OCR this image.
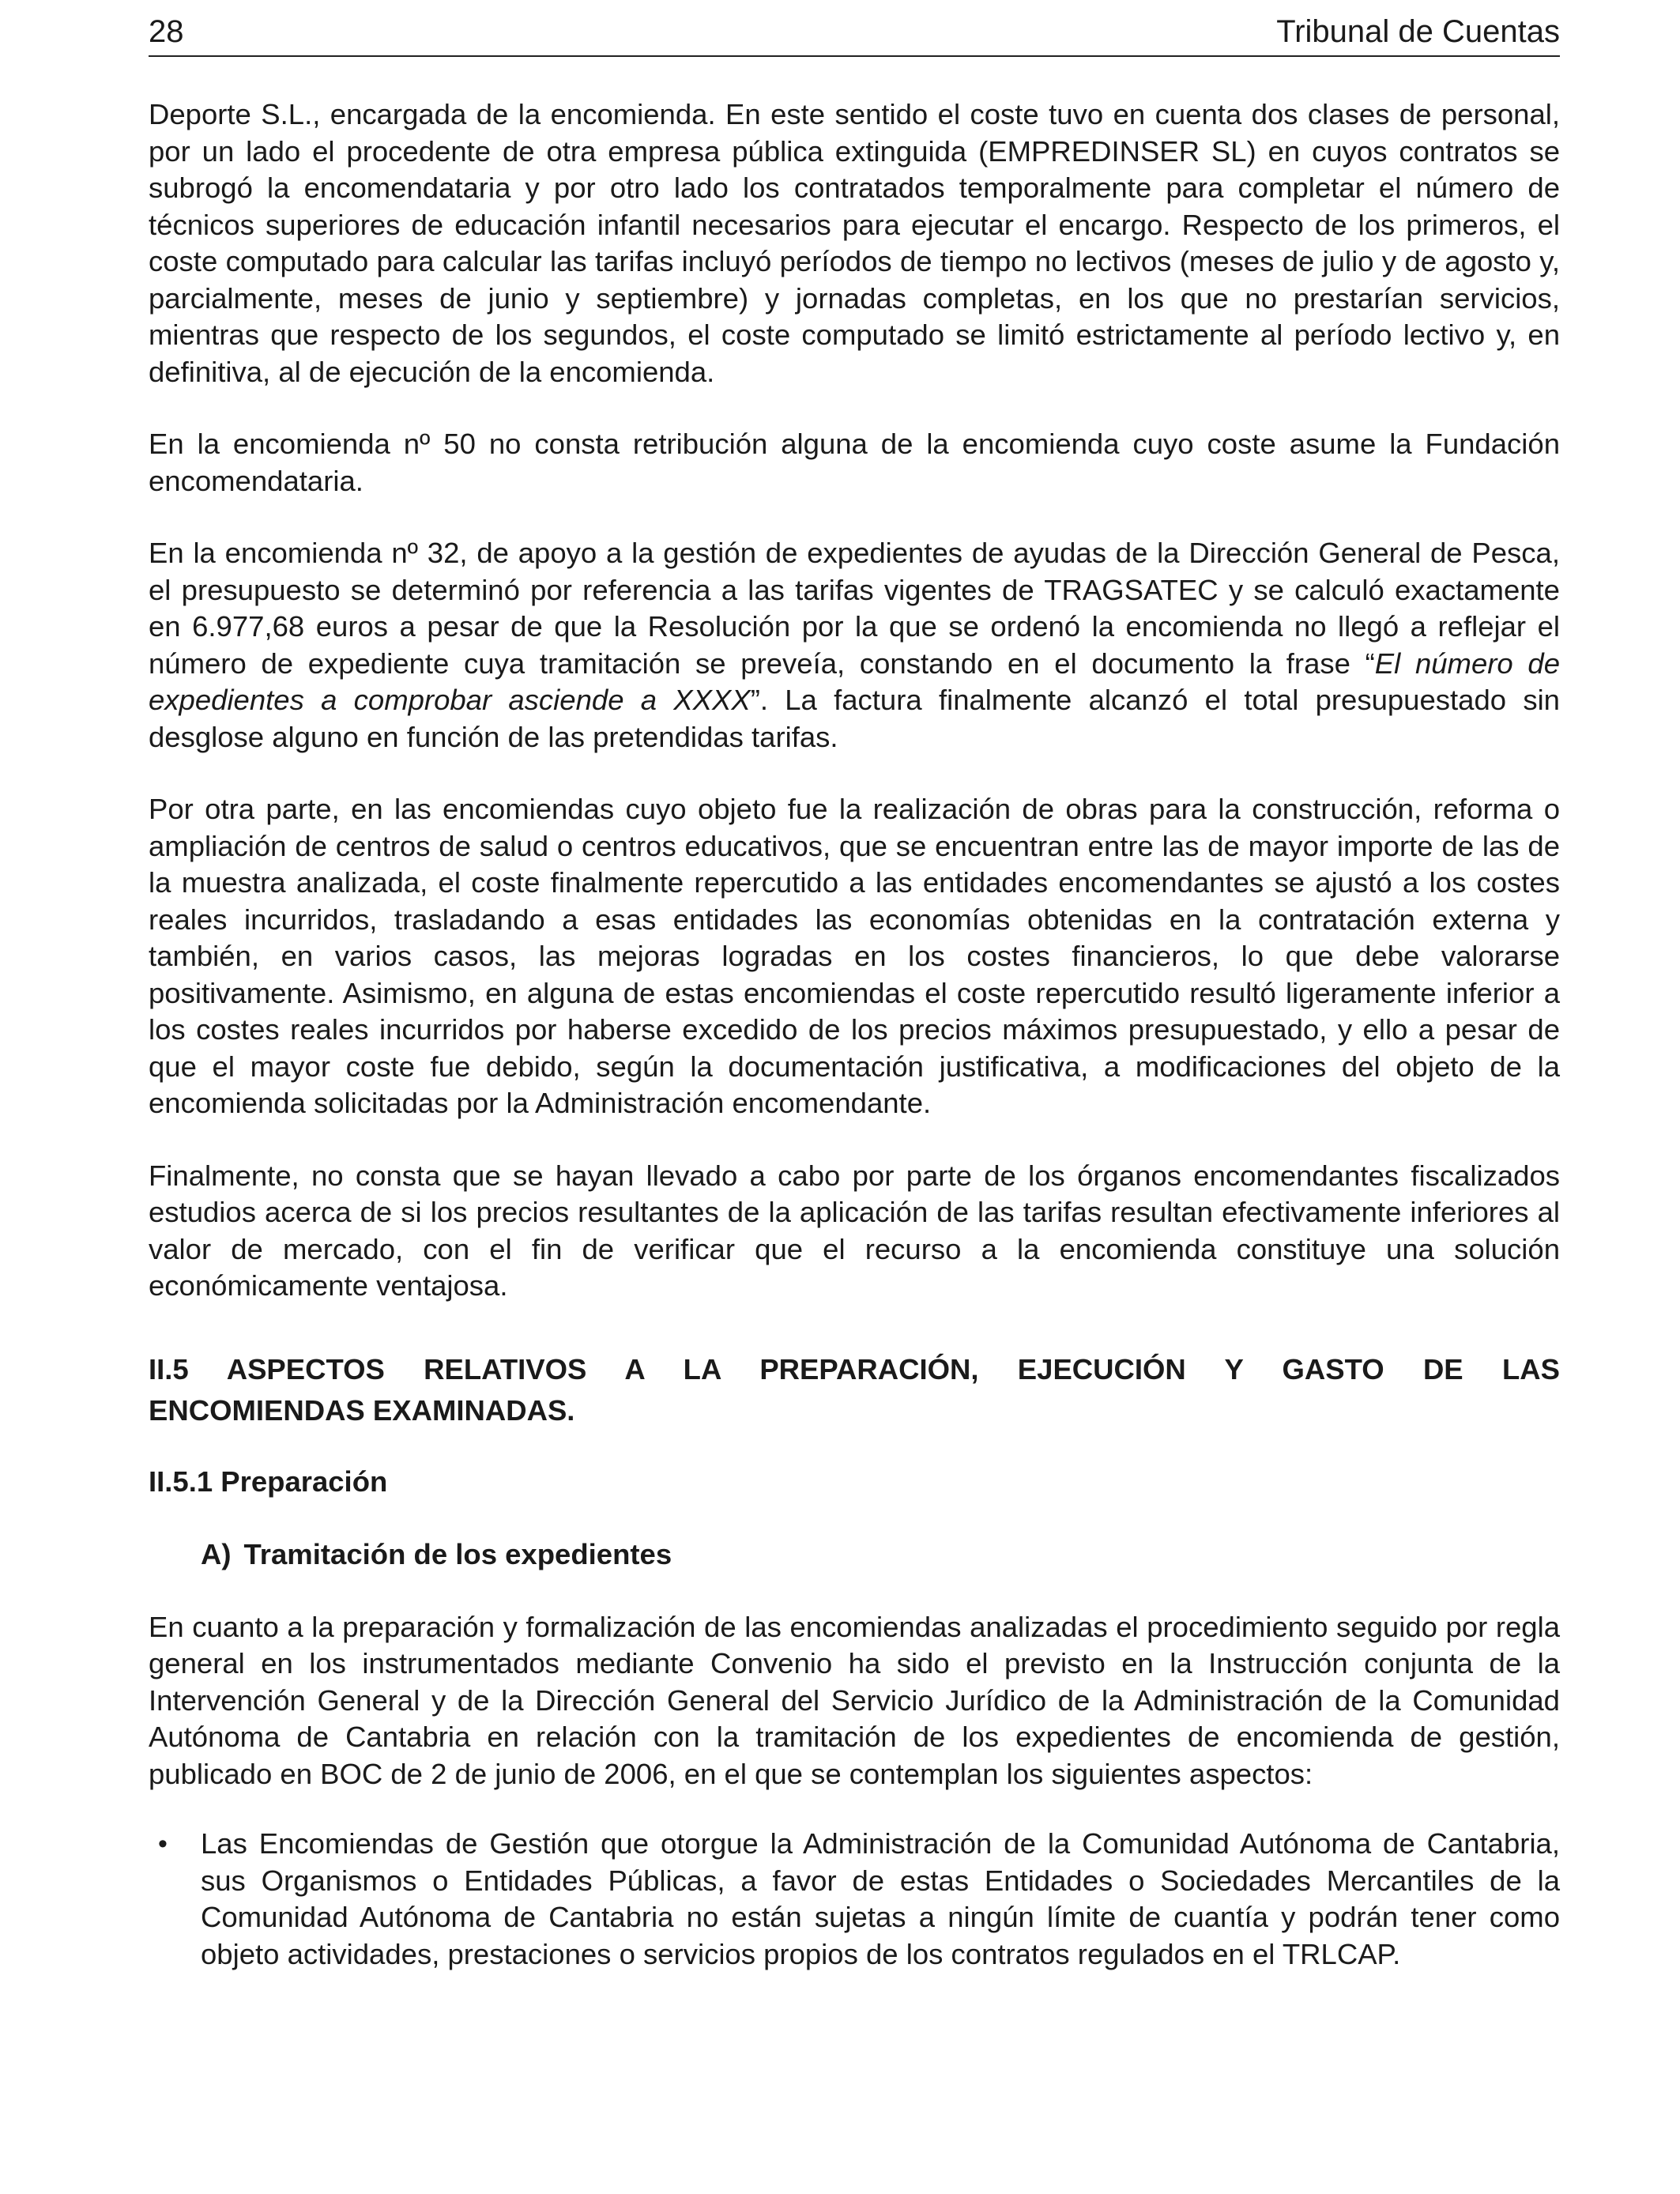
28	Tribunal de Cuentas

Deporte S.L., encargada de la encomienda. En este sentido el coste tuvo en cuenta dos clases de personal, por un lado el procedente de otra empresa pública extinguida (EMPREDINSER SL) en cuyos contratos se subrogó la encomendataria y por otro lado los contratados temporalmente para completar el número de técnicos superiores de educación infantil necesarios para ejecutar el encargo. Respecto de los primeros, el coste computado para calcular las tarifas incluyó períodos de tiempo no lectivos (meses de julio y de agosto y, parcialmente, meses de junio y septiembre) y jornadas completas, en los que no prestarían servicios, mientras que respecto de los segundos, el coste computado se limitó estrictamente al período lectivo y, en definitiva, al de ejecución de la encomienda.

En la encomienda nº 50 no consta retribución alguna de la encomienda cuyo coste asume la Fundación encomendataria.

En la encomienda nº 32, de apoyo a la gestión de expedientes de ayudas de la Dirección General de Pesca, el presupuesto se determinó por referencia a las tarifas vigentes de TRAGSATEC y se calculó exactamente en 6.977,68 euros a pesar de que la Resolución por la que se ordenó la encomienda no llegó a reflejar el número de expediente cuya tramitación se preveía, constando en el documento la frase “El número de expedientes a comprobar asciende a XXXX”. La factura finalmente alcanzó el total presupuestado sin desglose alguno en función de las pretendidas tarifas.

Por otra parte, en las encomiendas cuyo objeto fue la realización de obras para la construcción, reforma o ampliación de centros de salud o centros educativos, que se encuentran entre las de mayor importe de las de la muestra analizada, el coste finalmente repercutido a las entidades encomendantes se ajustó a los costes reales incurridos, trasladando a esas entidades las economías obtenidas en la contratación externa y también, en varios casos, las mejoras logradas en los costes financieros, lo que debe valorarse positivamente. Asimismo, en alguna de estas encomiendas el coste repercutido resultó ligeramente inferior a los costes reales incurridos por haberse excedido de los precios máximos presupuestado, y ello a pesar de que el mayor coste fue debido, según la documentación justificativa, a modificaciones del objeto de la encomienda solicitadas por la Administración encomendante.

Finalmente, no consta que se hayan llevado a cabo por parte de los órganos encomendantes fiscalizados estudios acerca de si los precios resultantes de la aplicación de las tarifas resultan efectivamente inferiores al valor de mercado, con el fin de verificar que el recurso a la encomienda constituye una solución económicamente ventajosa.

II.5 ASPECTOS RELATIVOS A LA PREPARACIÓN, EJECUCIÓN Y GASTO DE LAS
ENCOMIENDAS EXAMINADAS.
II.5.1 Preparación
A) Tramitación de los expedientes

En cuanto a la preparación y formalización de las encomiendas analizadas el procedimiento seguido por regla general en los instrumentados mediante Convenio ha sido el previsto en la Instrucción conjunta de la Intervención General y de la Dirección General del Servicio Jurídico de la Administración de la Comunidad Autónoma de Cantabria en relación con la tramitación de los expedientes de encomienda de gestión, publicado en BOC de 2 de junio de 2006, en el que se contemplan los siguientes aspectos:

• Las Encomiendas de Gestión que otorgue la Administración de la Comunidad Autónoma de Cantabria, sus Organismos o Entidades Públicas, a favor de estas Entidades o Sociedades Mercantiles de la Comunidad Autónoma de Cantabria no están sujetas a ningún límite de cuantía y podrán tener como objeto actividades, prestaciones o servicios propios de los contratos regulados en el TRLCAP.
